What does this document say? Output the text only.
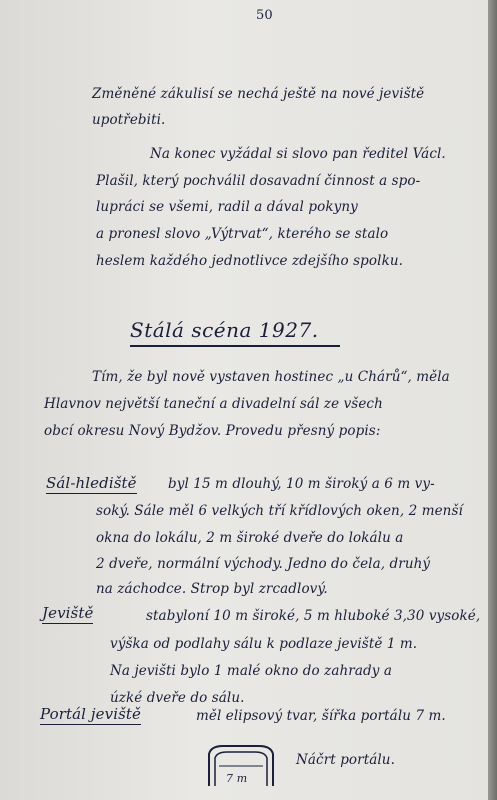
50
Změněné zákulisí se nechá ještě na nové jeviště
upotřebiti.
Na konec vyžádal si slovo pan ředitel Václ.
Plašil, který pochválil dosavadní činnost a spo-
lupráci se všemi, radil a dával pokyny
a pronesl slovo „Výtrvat“, kterého se stalo
heslem každého jednotlivce zdejšího spolku.
Stálá scéna 1927.
Tím, že byl nově vystaven hostinec „u Chárů“, měla
Hlavnov největší taneční a divadelní sál ze všech
obcí okresu Nový Bydžov. Provedu přesný popis:
Sál-hlediště byl 15 m dlouhý, 10 m široký a 6 m vy-
soký. Sále měl 6 velkých tří křídlových oken, 2 menší
okna do lokálu, 2 m široké dveře do lokálu a
2 dveře, normální východy. Jedno do čela, druhý
na záchodce. Strop byl zrcadlový.
Jeviště	stabyloní 10 m široké, 5 m hluboké 3,30 vysoké,
výška od podlahy sálu k podlaze jeviště 1 m.
Na jevišti bylo 1 malé okno do zahrady a
úzké dveře do sálu.
Portál jeviště	měl elipsový tvar, šířka portálu 7 m.
7 m
Náčrt portálu.
